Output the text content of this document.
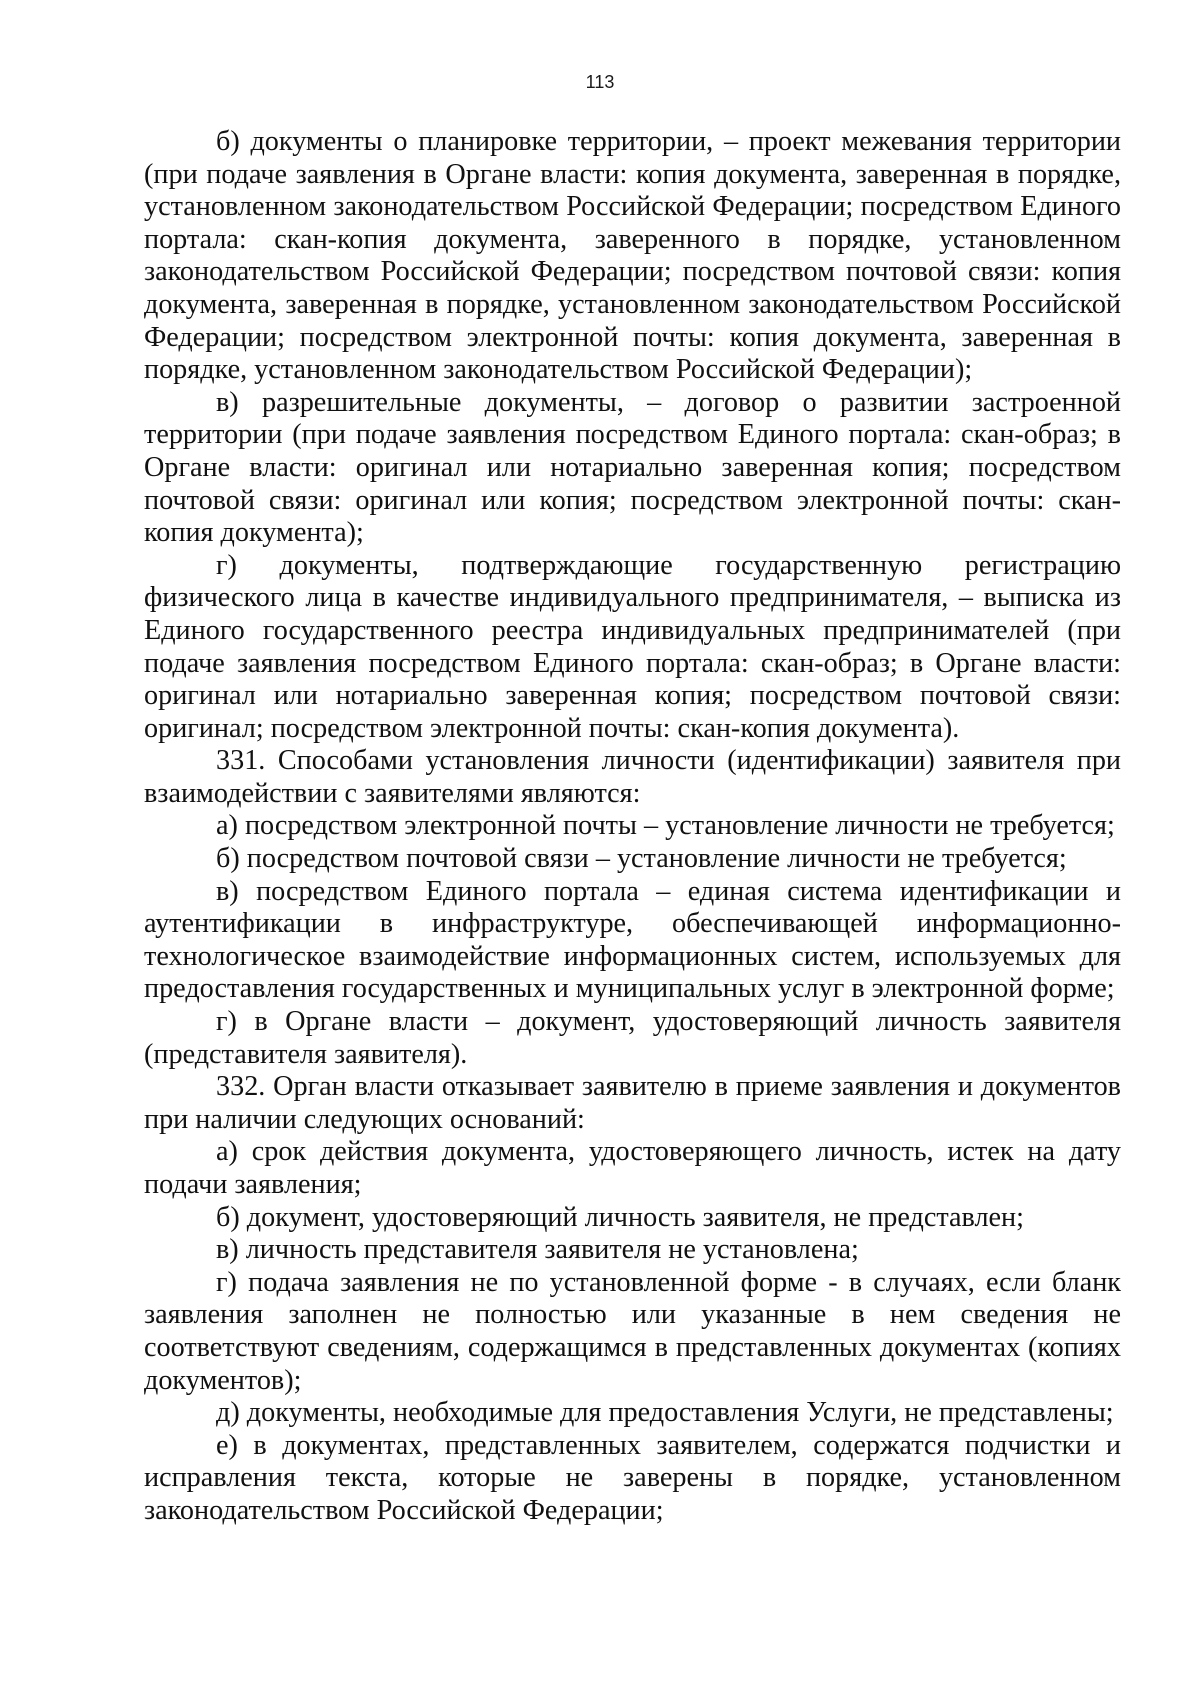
113

б) документы о планировке территории, – проект межевания территории (при подаче заявления в Органе власти: копия документа, заверенная в порядке, установленном законодательством Российской Федерации; посредством Единого портала: скан-копия документа, заверенного в порядке, установленном законодательством Российской Федерации; посредством почтовой связи: копия документа, заверенная в порядке, установленном законодательством Российской Федерации; посредством электронной почты: копия документа, заверенная в порядке, установленном законодательством Российской Федерации);

в) разрешительные документы, – договор о развитии застроенной территории (при подаче заявления посредством Единого портала: скан-образ; в Органе власти: оригинал или нотариально заверенная копия; посредством почтовой связи: оригинал или копия; посредством электронной почты: скан-копия документа);

г) документы, подтверждающие государственную регистрацию физического лица в качестве индивидуального предпринимателя, – выписка из Единого государственного реестра индивидуальных предпринимателей (при подаче заявления посредством Единого портала: скан-образ; в Органе власти: оригинал или нотариально заверенная копия; посредством почтовой связи: оригинал; посредством электронной почты: скан-копия документа).

331. Способами установления личности (идентификации) заявителя при взаимодействии с заявителями являются:

а) посредством электронной почты – установление личности не требуется;

б) посредством почтовой связи – установление личности не требуется;

в) посредством Единого портала – единая система идентификации и аутентификации в инфраструктуре, обеспечивающей информационно-технологическое взаимодействие информационных систем, используемых для предоставления государственных и муниципальных услуг в электронной форме;

г) в Органе власти – документ, удостоверяющий личность заявителя (представителя заявителя).

332. Орган власти отказывает заявителю в приеме заявления и документов при наличии следующих оснований:

а) срок действия документа, удостоверяющего личность, истек на дату подачи заявления;

б) документ, удостоверяющий личность заявителя, не представлен;

в) личность представителя заявителя не установлена;

г) подача заявления не по установленной форме - в случаях, если бланк заявления заполнен не полностью или указанные в нем сведения не соответствуют сведениям, содержащимся в представленных документах (копиях документов);

д) документы, необходимые для предоставления Услуги, не представлены;

е) в документах, представленных заявителем, содержатся подчистки и исправления текста, которые не заверены в порядке, установленном законодательством Российской Федерации;
